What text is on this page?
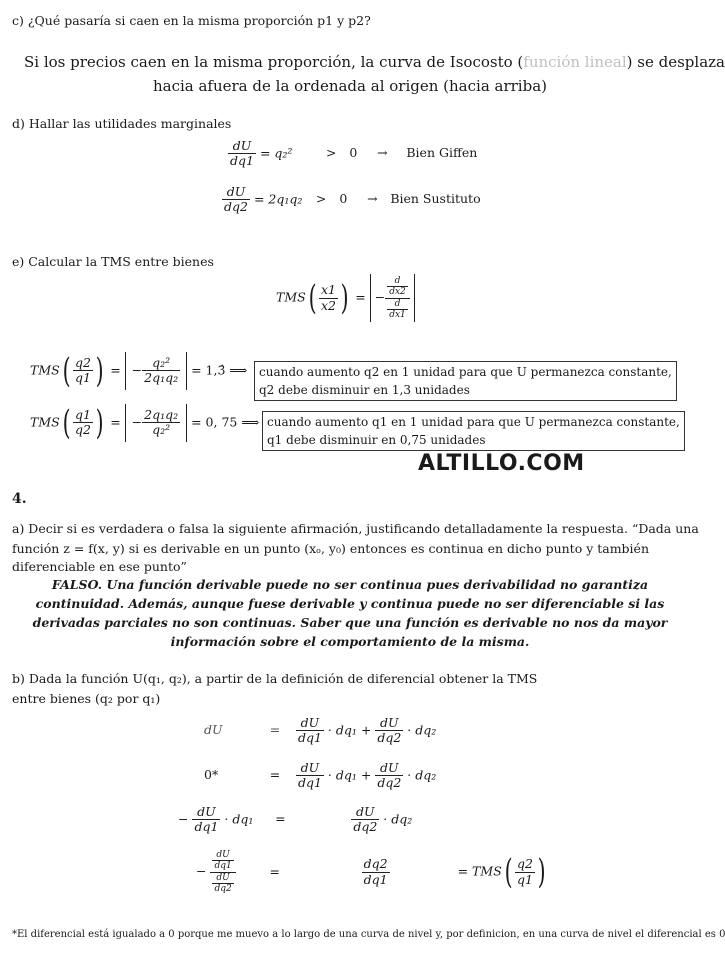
c) ¿Qué pasaría si caen en la misma proporción p1 y p2?
Si los precios caen en la misma proporción, la curva de Isocosto (función lineal) se desplaza
hacia afuera de la ordenada al origen (hacia arriba)
d) Hallar las utilidades marginales
$\frac{dU}{dq1} = q_2^2$	> 0 → Bien Giffen
$\frac{dU}{dq2} = 2q_1q_2 > 0$ → Bien Sustituto
e) Calcular la TMS entre bienes
$TMS( \frac{x1}{x2}$ ) = − $\frac{\frac{d}{dx2}}{\frac{d}{dx1}}$
$TMS( \frac{q2}{q1}$ ) = − $\frac{\text{q₂²}}{\text{2q₁q₂}}$ = 1,3̂ ⟹ cuando aumento q2 en 1 unidad para que U permanezca constante,
q2 debe disminuir en 1,3 unidades
$TMS( \frac{q1}{q2}$ ) = − $\frac{\text{2q₁q₂}}{\text{q₂²}} = 0$, 75 ⟹ cuando aumento q1 en 1 unidad para que U permanezca constante,
q1 debe disminuir en 0,75 unidades
ALTILLO.COM
4.
a) Decir si es verdadera o falsa la siguiente afirmación, justificando detalladamente la respuesta. “Dada una
función z = f(x, y) si es derivable en un punto (xₒ, y₀) entonces es continua en dicho punto y también
diferenciable en ese punto”
FALSO. Una función derivable puede no ser continua pues derivabilidad no garantiza
continuidad. Además, aunque fuese derivable y continua puede no ser diferenciable si las
derivadas parciales no son continuas. Saber que una función es derivable no nos da mayor
información sobre el comportamiento de la misma.
b) Dada la función U(q₁, q₂), a partir de la definición de diferencial obtener la TMS
entre bienes (q₂ por q₁)
dU	= $\frac{dU}{dq1} \cdot dq_1 + \frac{dU}{dq2} \cdot dq_2$
0*	= $\frac{dU}{dq1} \cdot dq_1 + \frac{dU}{dq2} \cdot dq_2$
− $\frac{dU}{dq1} \cdot dq_1$ =	$\frac{dU}{dq2} \cdot dq_2$
− $\frac{\frac{dU}{dq1}}{\frac{dU}{dq2}}$	=	$\frac{dq2}{dq1}$	= $TMS( \frac{q2}{q1}$ )
*El diferencial está igualado a 0 porque me muevo a lo largo de una curva de nivel y, por definicion, en una curva de nivel el diferencial es 0
